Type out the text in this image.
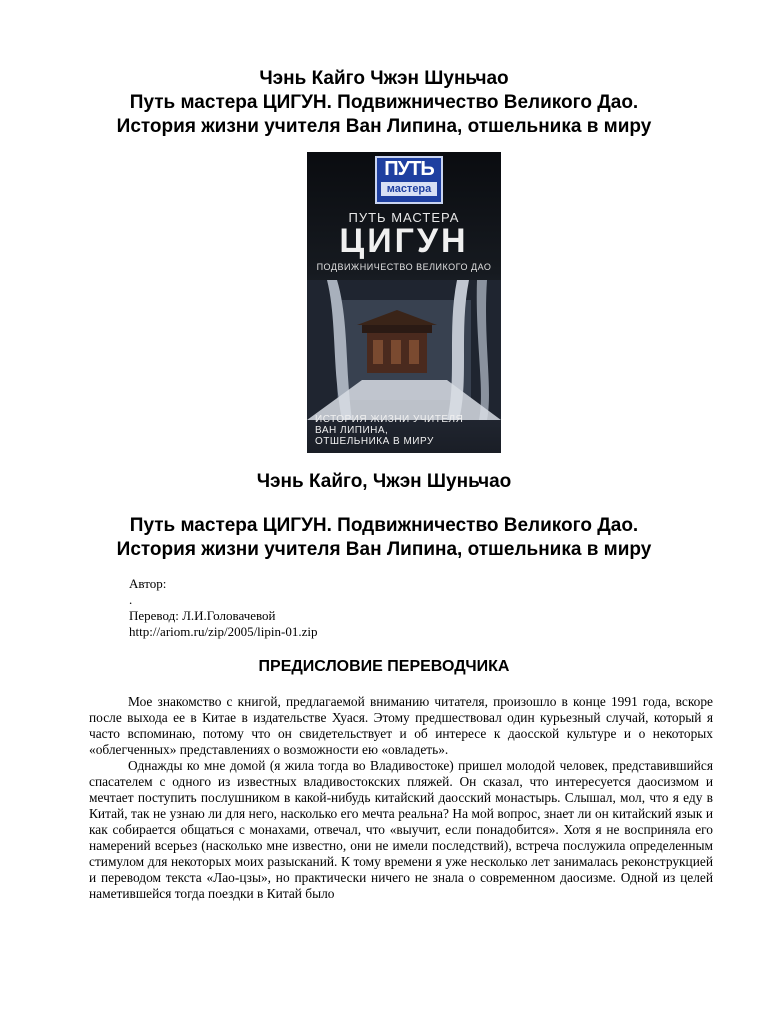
Чэнь Кайго Чжэн Шуньчао
Путь мастера ЦИГУН. Подвижничество Великого Дао.
История жизни учителя Ван Липина, отшельника в миру
ПУТЬ
мастера
ПУТЬ МАСТЕРА
ЦИГУН
ПОДВИЖНИЧЕСТВО ВЕЛИКОГО ДАО
ИСТОРИЯ ЖИЗНИ УЧИТЕЛЯ
ВАН ЛИПИНА,
ОТШЕЛЬНИКА В МИРУ
Чэнь Кайго, Чжэн Шуньчао
Путь мастера ЦИГУН. Подвижничество Великого Дао.
История жизни учителя Ван Липина, отшельника в миру
Автор:
.
Перевод: Л.И.Головачевой
http://ariom.ru/zip/2005/lipin-01.zip
ПРЕДИСЛОВИЕ ПЕРЕВОДЧИКА

Мое знакомство с книгой, предлагаемой вниманию читателя, произошло в конце 1991 года, вскоре после выхода ее в Китае в издательстве Хуася. Этому предшествовал один курьезный случай, который я часто вспоминаю, потому что он свидетельствует и об интересе к даосской культуре и о некоторых «облегченных» представлениях о возможности ею «овладеть».

Однажды ко мне домой (я жила тогда во Владивостоке) пришел молодой человек, представившийся спасателем с одного из известных владивостокских пляжей. Он сказал, что интересуется даосизмом и мечтает поступить послушником в какой-нибудь китайский даосский монастырь. Слышал, мол, что я еду в Китай, так не узнаю ли для него, насколько его мечта реальна? На мой вопрос, знает ли он китайский язык и как собирается общаться с монахами, отвечал, что «выучит, если понадобится». Хотя я не восприняла его намерений всерьез (насколько мне известно, они не имели последствий), встреча послужила определенным стимулом для некоторых моих разысканий. К тому времени я уже несколько лет занималась реконструкцией и переводом текста «Лао-цзы», но практически ничего не знала о современном даосизме. Одной из целей наметившейся тогда поездки в Китай было
